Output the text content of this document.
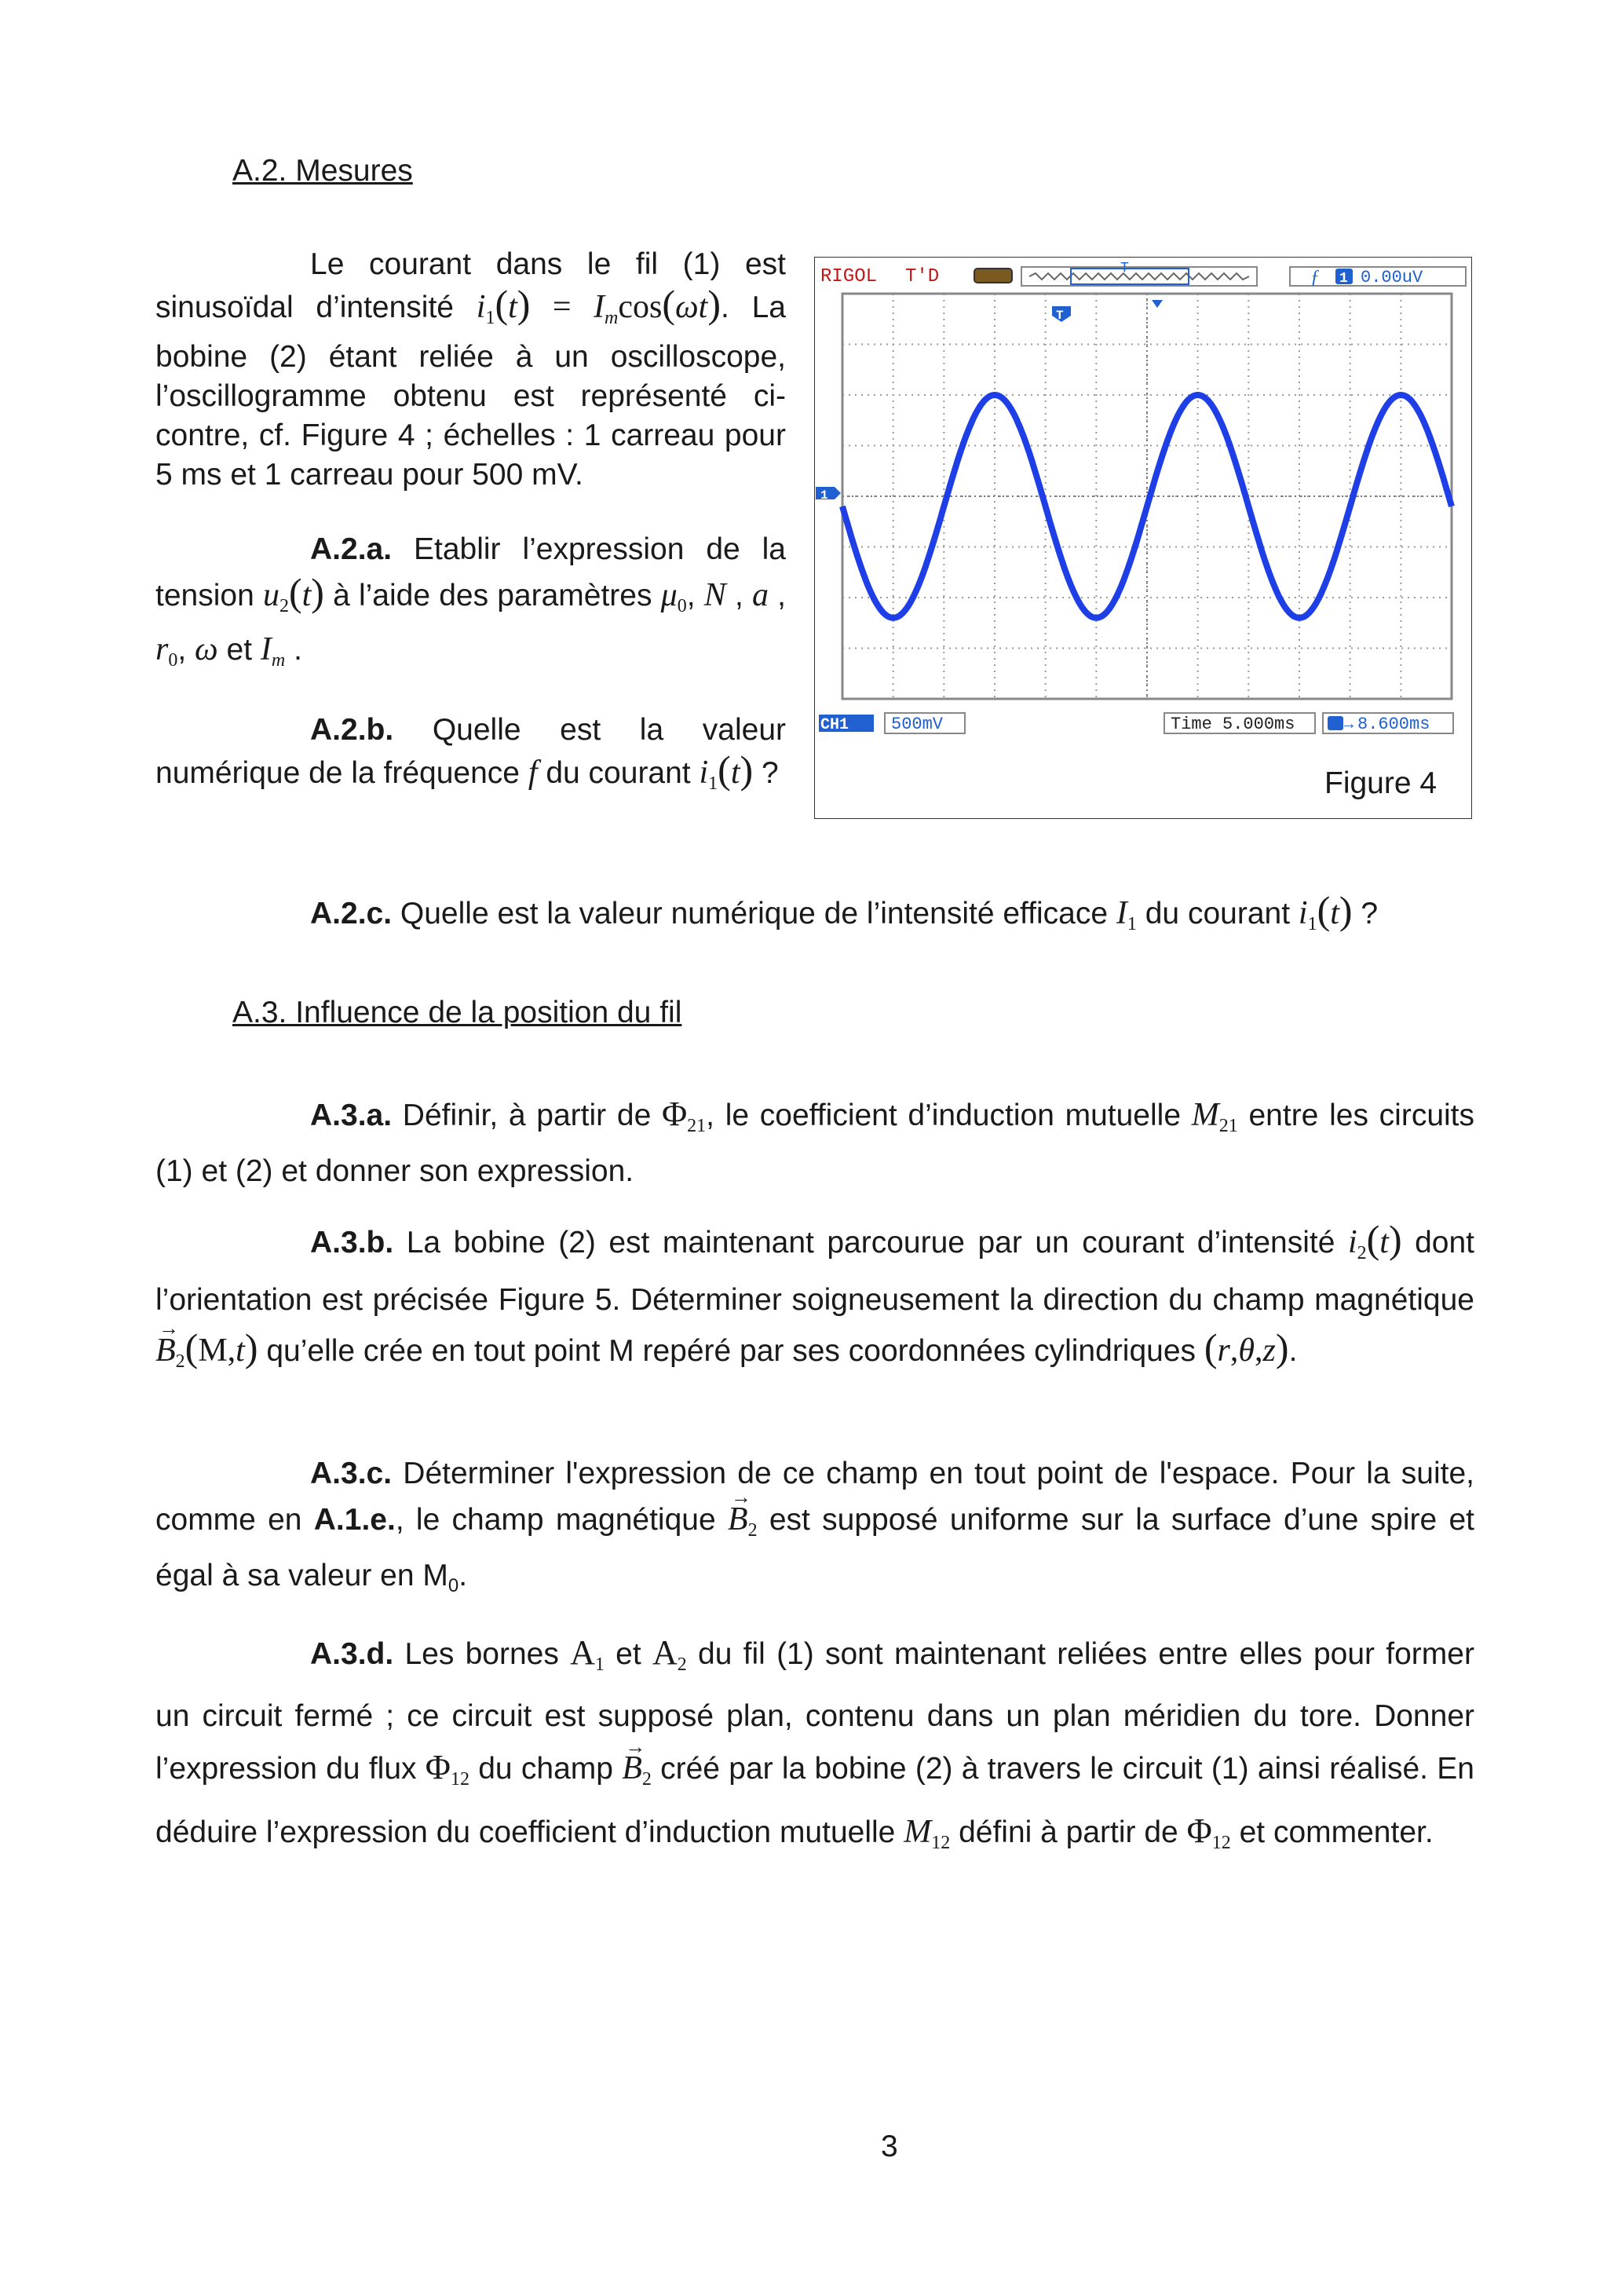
A.2. Mesures
Le courant dans le fil (1) est sinusoïdal d’intensité i1(t) = Imcos(ωt). La bobine (2) étant reliée à un oscilloscope, l’oscillogramme obtenu est représenté ci-contre, cf. Figure 4 ; échelles : 1 carreau pour 5 ms et 1 carreau pour 500 mV.
A.2.a. Etablir l’expression de la tension u2(t) à l’aide des paramètres μ0, N , a , r0, ω et Im .
A.2.b. Quelle est la valeur numérique de la fréquence f du courant i1(t) ?
RIGOL T'D	T	ƒ 1 0.00uV
T
1
CH1 500mV	Time 5.000ms	→ 8.600ms
Figure 4
A.2.c. Quelle est la valeur numérique de l’intensité efficace I1 du courant i1(t) ?
A.3. Influence de la position du fil
A.3.a. Définir, à partir de Φ21, le coefficient d’induction mutuelle M21 entre les circuits (1) et (2) et donner son expression.
A.3.b. La bobine (2) est maintenant parcourue par un courant d’intensité i2(t) dont l’orientation est précisée Figure 5. Déterminer soigneusement la direction du champ magnétique → B2(M,t) qu’elle crée en tout point M repéré par ses coordonnées cylindriques (r,θ,z).
A.3.c. Déterminer l'expression de ce champ en tout point de l'espace. Pour la suite, comme en A.1.e., le champ magnétique → B2 est supposé uniforme sur la surface d’une spire et égal à sa valeur en $M_0$.
A.3.d. Les bornes A1 et A2 du fil (1) sont maintenant reliées entre elles pour former un circuit fermé ; ce circuit est supposé plan, contenu dans un plan méridien du tore. Donner l’expression du flux Φ12 du champ → B2 créé par la bobine (2) à travers le circuit (1) ainsi réalisé. En déduire l’expression du coefficient d’induction mutuelle M12 défini à partir de Φ12 et commenter.
3
